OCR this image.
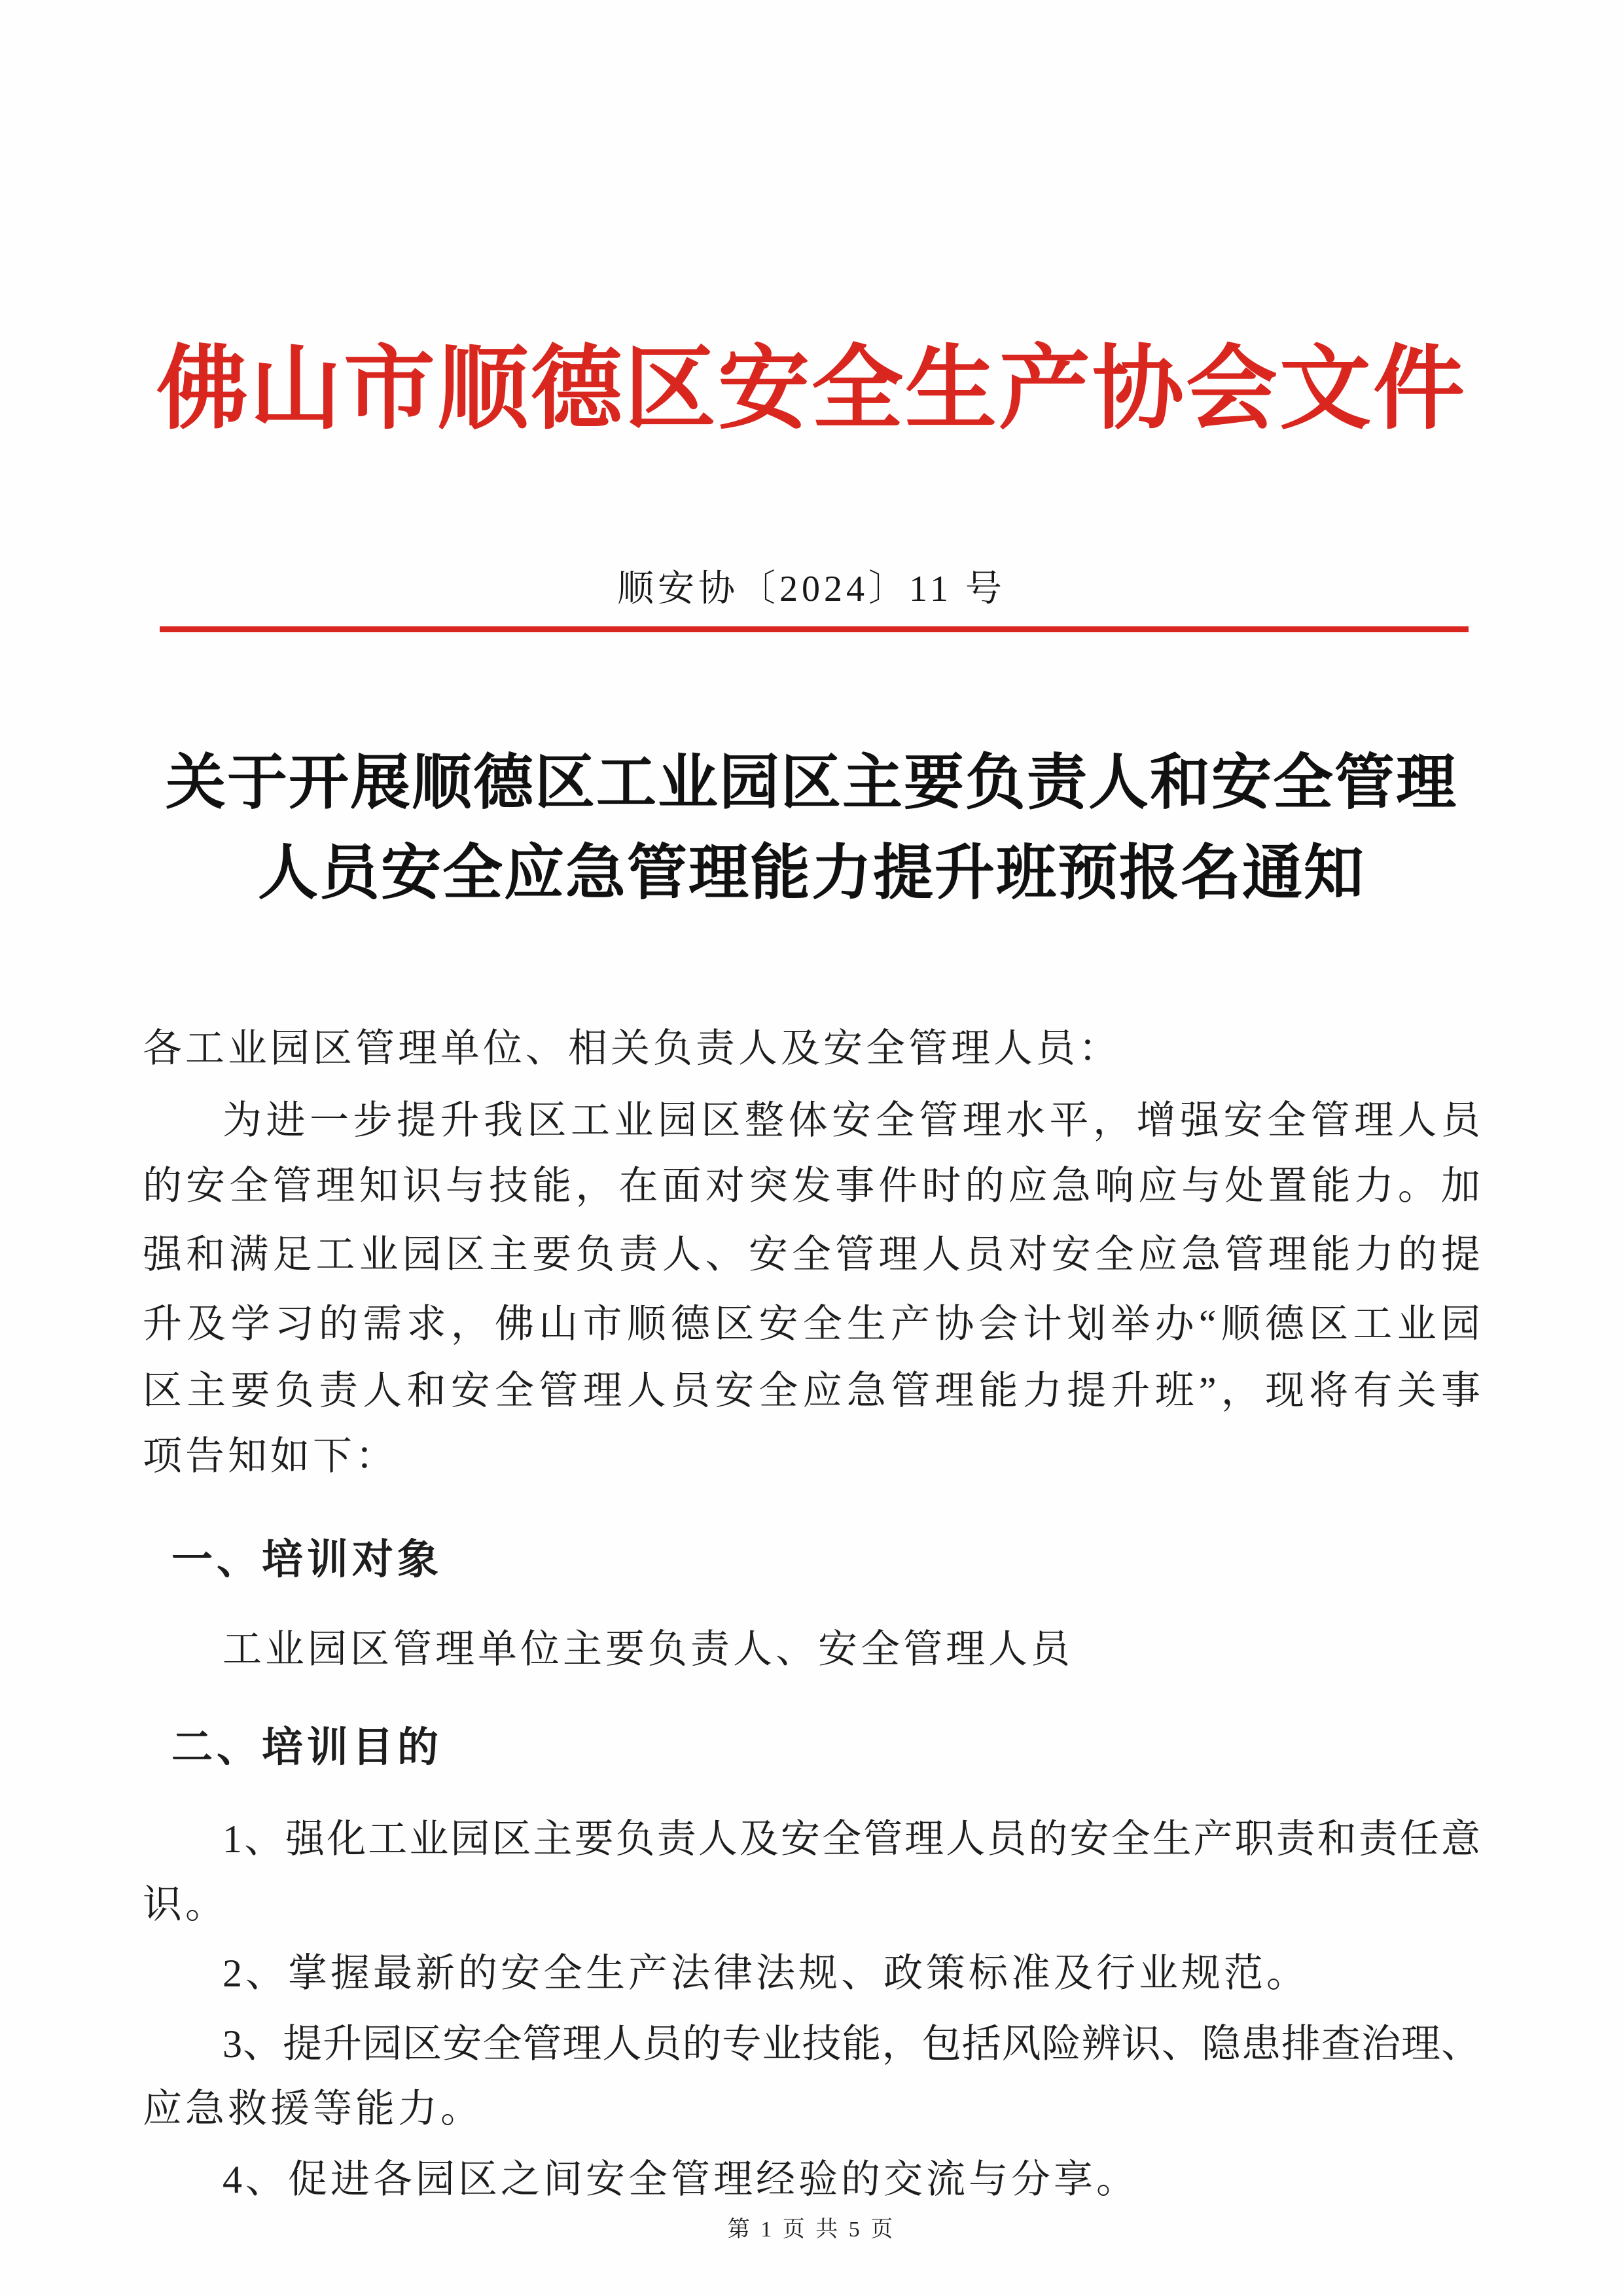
佛山市顺德区安全生产协会文件
顺安协〔2024〕11 号
关于开展顺德区工业园区主要负责人和安全管理
人员安全应急管理能力提升班预报名通知
各工业园区管理单位、相关负责人及安全管理人员：
为进一步提升我区工业园区整体安全管理水平，增强安全管理人员
的安全管理知识与技能，在面对突发事件时的应急响应与处置能力。加
强和满足工业园区主要负责人、安全管理人员对安全应急管理能力的提
升及学习的需求，佛山市顺德区安全生产协会计划举办“顺德区工业园
区主要负责人和安全管理人员安全应急管理能力提升班”，现将有关事
项告知如下：
一、培训对象
工业园区管理单位主要负责人、安全管理人员
二、培训目的
1、强化工业园区主要负责人及安全管理人员的安全生产职责和责任意
识。
2、掌握最新的安全生产法律法规、政策标准及行业规范。
3、提升园区安全管理人员的专业技能，包括风险辨识、隐患排查治理、
应急救援等能力。
4、促进各园区之间安全管理经验的交流与分享。
第 1 页 共 5 页
